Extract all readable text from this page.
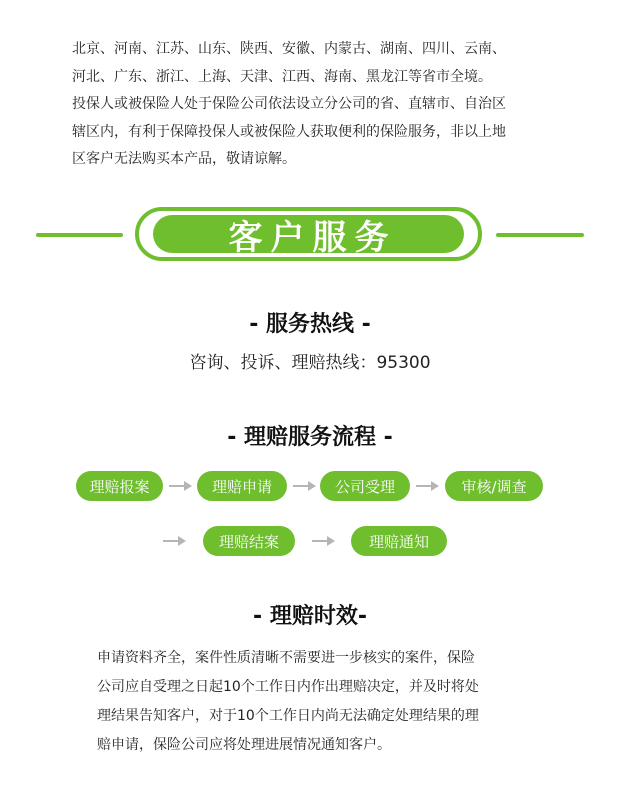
北京、河南、江苏、山东、陕西、安徽、内蒙古、湖南、四川、云南、

河北、广东、浙江、上海、天津、江西、海南、黑龙江等省市全境。

投保人或被保险人处于保险公司依法设立分公司的省、直辖市、自治区

辖区内，有利于保障投保人或被保险人获取便利的保险服务，非以上地

区客户无法购买本产品，敬请谅解。

客户服务
- 服务热线 -
咨询、投诉、理赔热线：95300
- 理赔服务流程 -
理赔报案	理赔申请	公司受理	审核/调查
理赔结案	理赔通知
- 理赔时效-
申请资料齐全，案件性质清晰不需要进一步核实的案件，保险
公司应自受理之日起10个工作日内作出理赔决定，并及时将处
理结果告知客户，对于10个工作日内尚无法确定处理结果的理
赔申请，保险公司应将处理进展情况通知客户。
